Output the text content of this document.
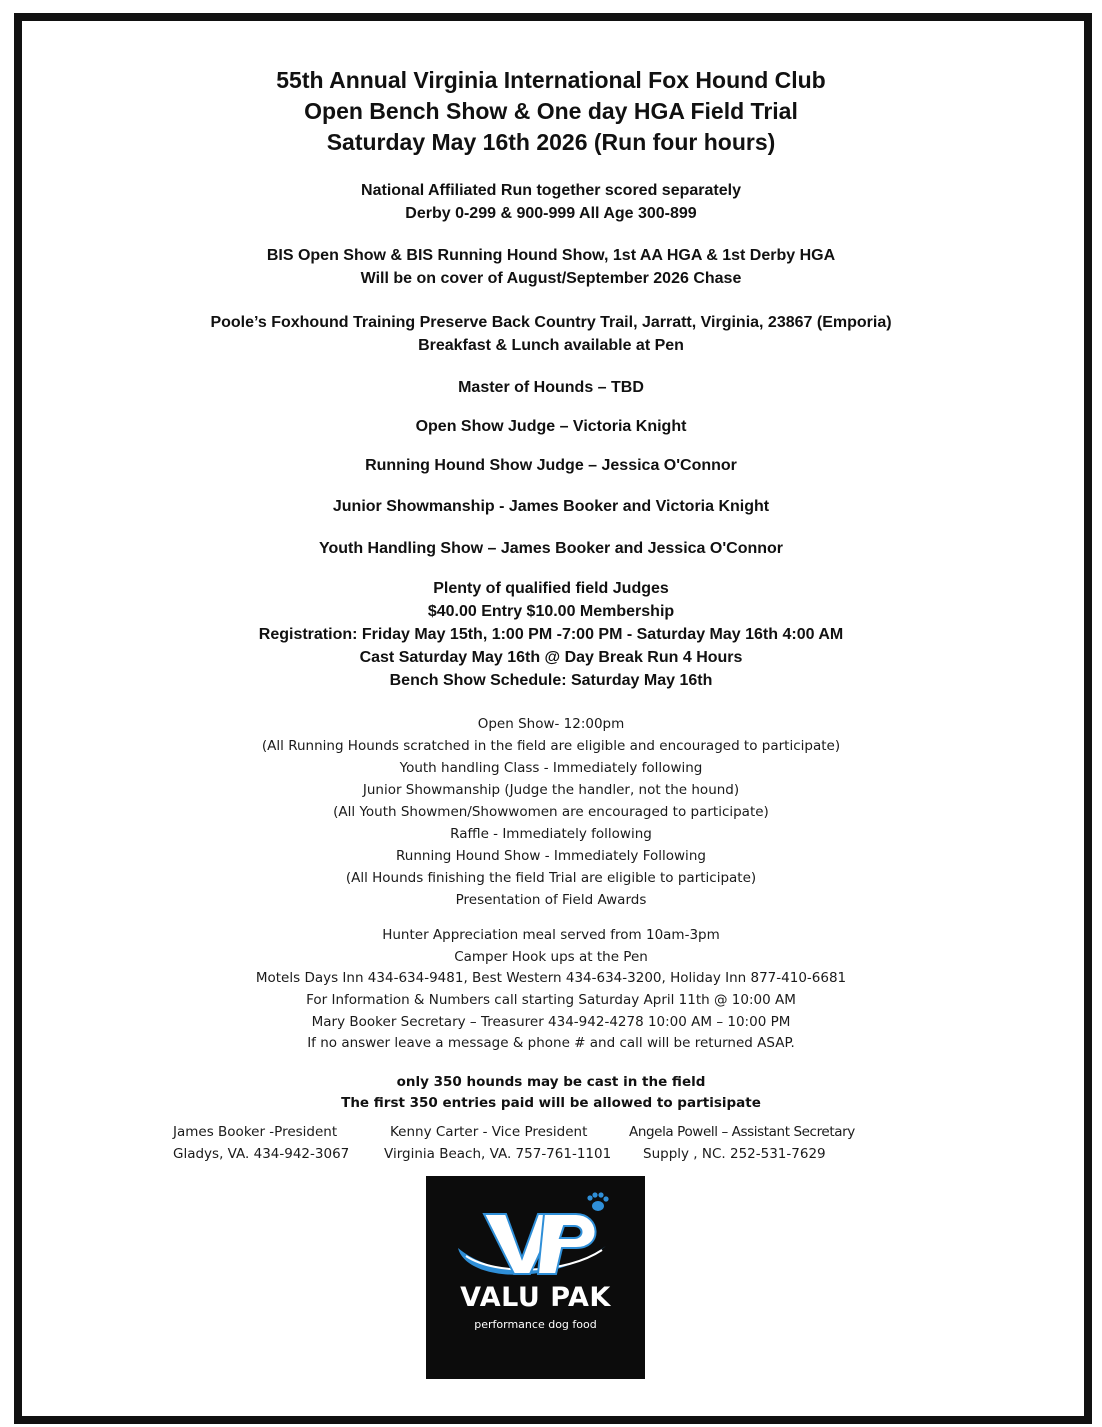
55th Annual Virginia International Fox Hound Club
Open Bench Show & One day HGA Field Trial
Saturday May 16th 2026 (Run four hours)
National Affiliated Run together scored separately
Derby 0-299 & 900-999 All Age 300-899
BIS Open Show & BIS Running Hound Show, 1st AA HGA & 1st Derby HGA
Will be on cover of August/September 2026 Chase
Poole’s Foxhound Training Preserve Back Country Trail, Jarratt, Virginia, 23867 (Emporia)
Breakfast & Lunch available at Pen
Master of Hounds – TBD
Open Show Judge – Victoria Knight
Running Hound Show Judge – Jessica O'Connor
Junior Showmanship - James Booker and Victoria Knight
Youth Handling Show – James Booker and Jessica O'Connor
Plenty of qualified field Judges
$40.00 Entry $10.00 Membership
Registration: Friday May 15th, 1:00 PM -7:00 PM - Saturday May 16th 4:00 AM
Cast Saturday May 16th @ Day Break Run 4 Hours
Bench Show Schedule: Saturday May 16th
Open Show- 12:00pm
(All Running Hounds scratched in the field are eligible and encouraged to participate)
Youth handling Class - Immediately following
Junior Showmanship (Judge the handler, not the hound)
(All Youth Showmen/Showwomen are encouraged to participate)
Raffle - Immediately following
Running Hound Show - Immediately Following
(All Hounds finishing the field Trial are eligible to participate)
Presentation of Field Awards
Hunter Appreciation meal served from 10am-3pm
Camper Hook ups at the Pen
Motels Days Inn 434-634-9481, Best Western 434-634-3200, Holiday Inn 877-410-6681
For Information & Numbers call starting Saturday April 11th @ 10:00 AM
Mary Booker Secretary – Treasurer 434-942-4278 10:00 AM – 10:00 PM
If no answer leave a message & phone # and call will be returned ASAP.
only 350 hounds may be cast in the field
The first 350 entries paid will be allowed to partisipate
James Booker -President
Gladys, VA. 434-942-3067
Kenny Carter - Vice President
Virginia Beach, VA. 757-761-1101
Angela Powell – Assistant Secretary
Supply , NC. 252-531-7629
VALU PAK
performance dog food
